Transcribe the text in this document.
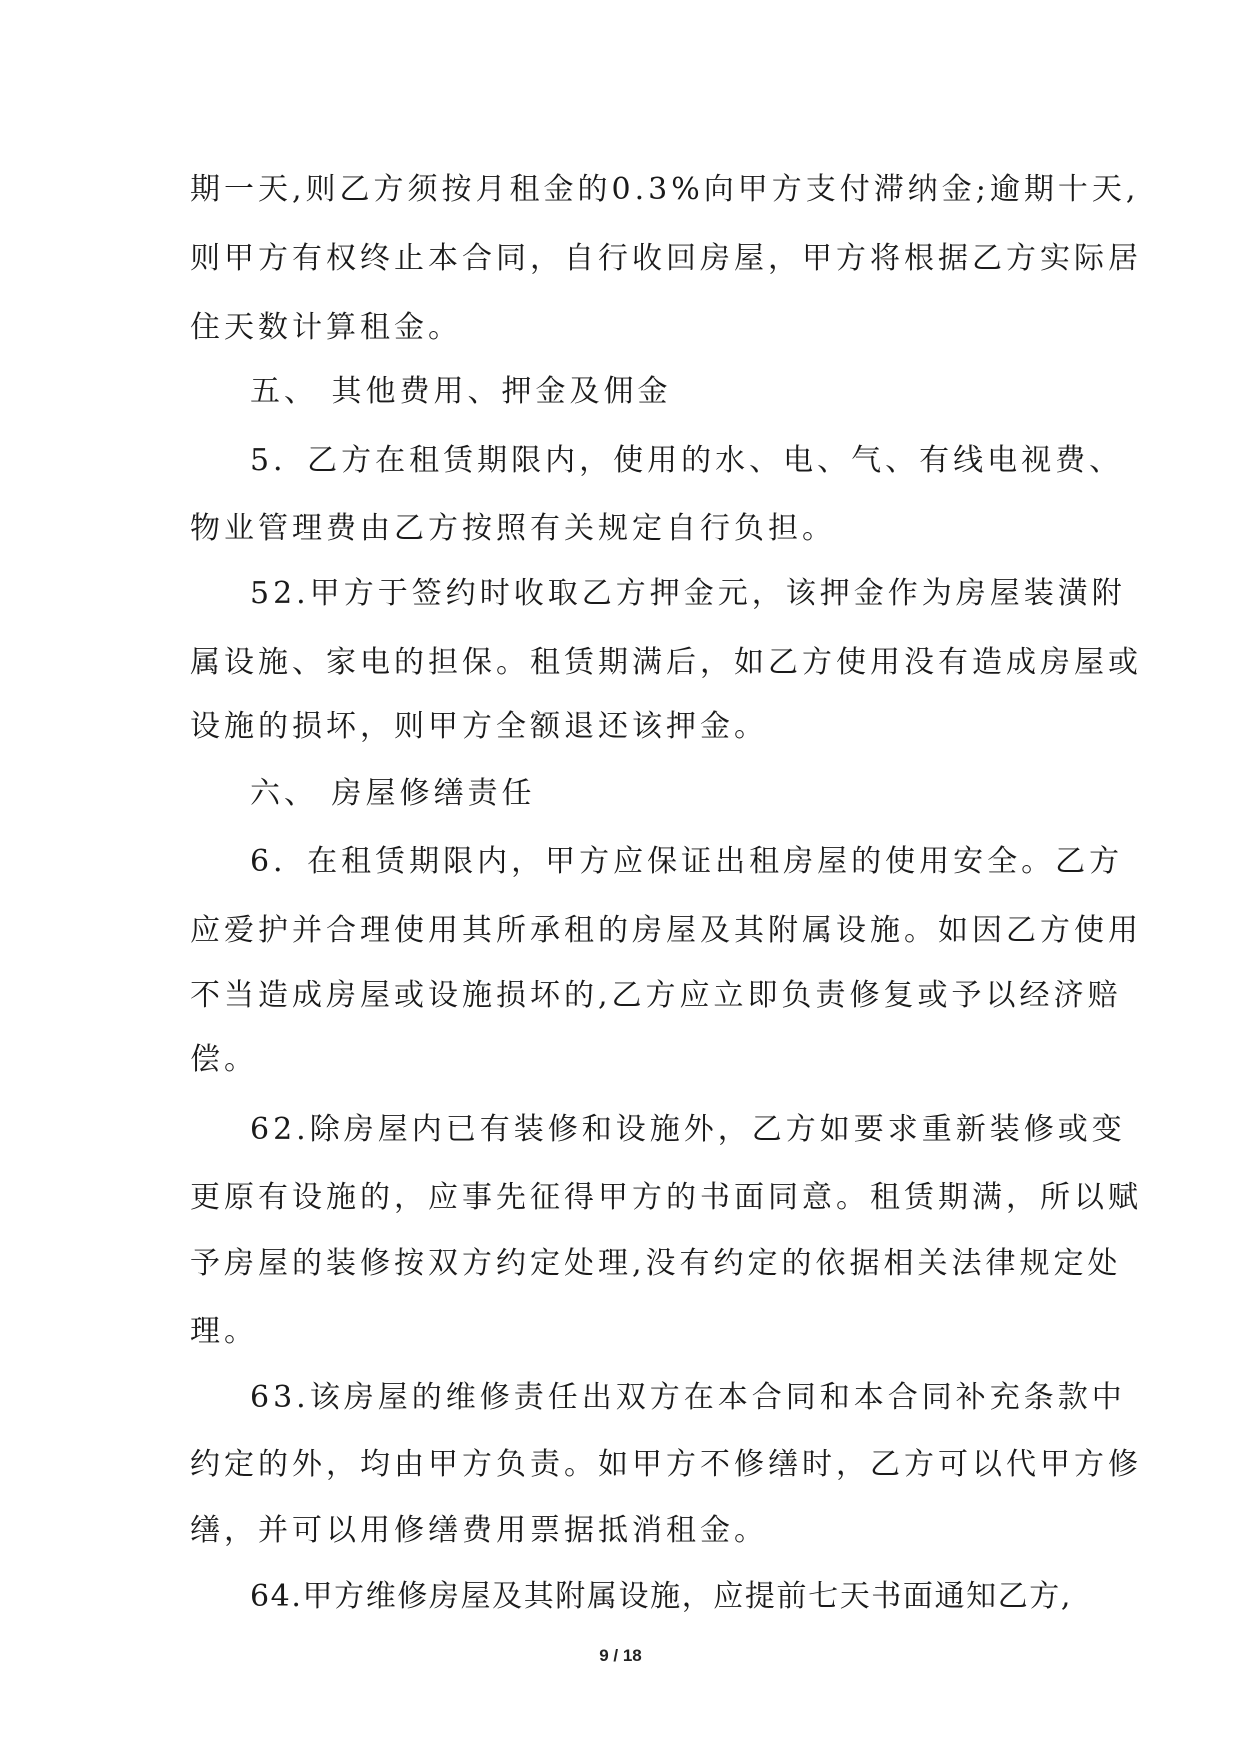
期一天,则乙方须按月租金的0.3%向甲方支付滞纳金;逾期十天,
则甲方有权终止本合同，自行收回房屋，甲方将根据乙方实际居
住天数计算租金。
五、 其他费用、押金及佣金
5．乙方在租赁期限内，使用的水、电、气、有线电视费、
物业管理费由乙方按照有关规定自行负担。
52.甲方于签约时收取乙方押金元，该押金作为房屋装潢附
属设施、家电的担保。租赁期满后，如乙方使用没有造成房屋或
设施的损坏，则甲方全额退还该押金。
六、 房屋修缮责任
6．在租赁期限内，甲方应保证出租房屋的使用安全。乙方
应爱护并合理使用其所承租的房屋及其附属设施。如因乙方使用
不当造成房屋或设施损坏的,乙方应立即负责修复或予以经济赔
偿。
62.除房屋内已有装修和设施外，乙方如要求重新装修或变
更原有设施的，应事先征得甲方的书面同意。租赁期满，所以赋
予房屋的装修按双方约定处理,没有约定的依据相关法律规定处
理。
63.该房屋的维修责任出双方在本合同和本合同补充条款中
约定的外，均由甲方负责。如甲方不修缮时，乙方可以代甲方修
缮，并可以用修缮费用票据抵消租金。
64.甲方维修房屋及其附属设施，应提前七天书面通知乙方,
9 / 18
